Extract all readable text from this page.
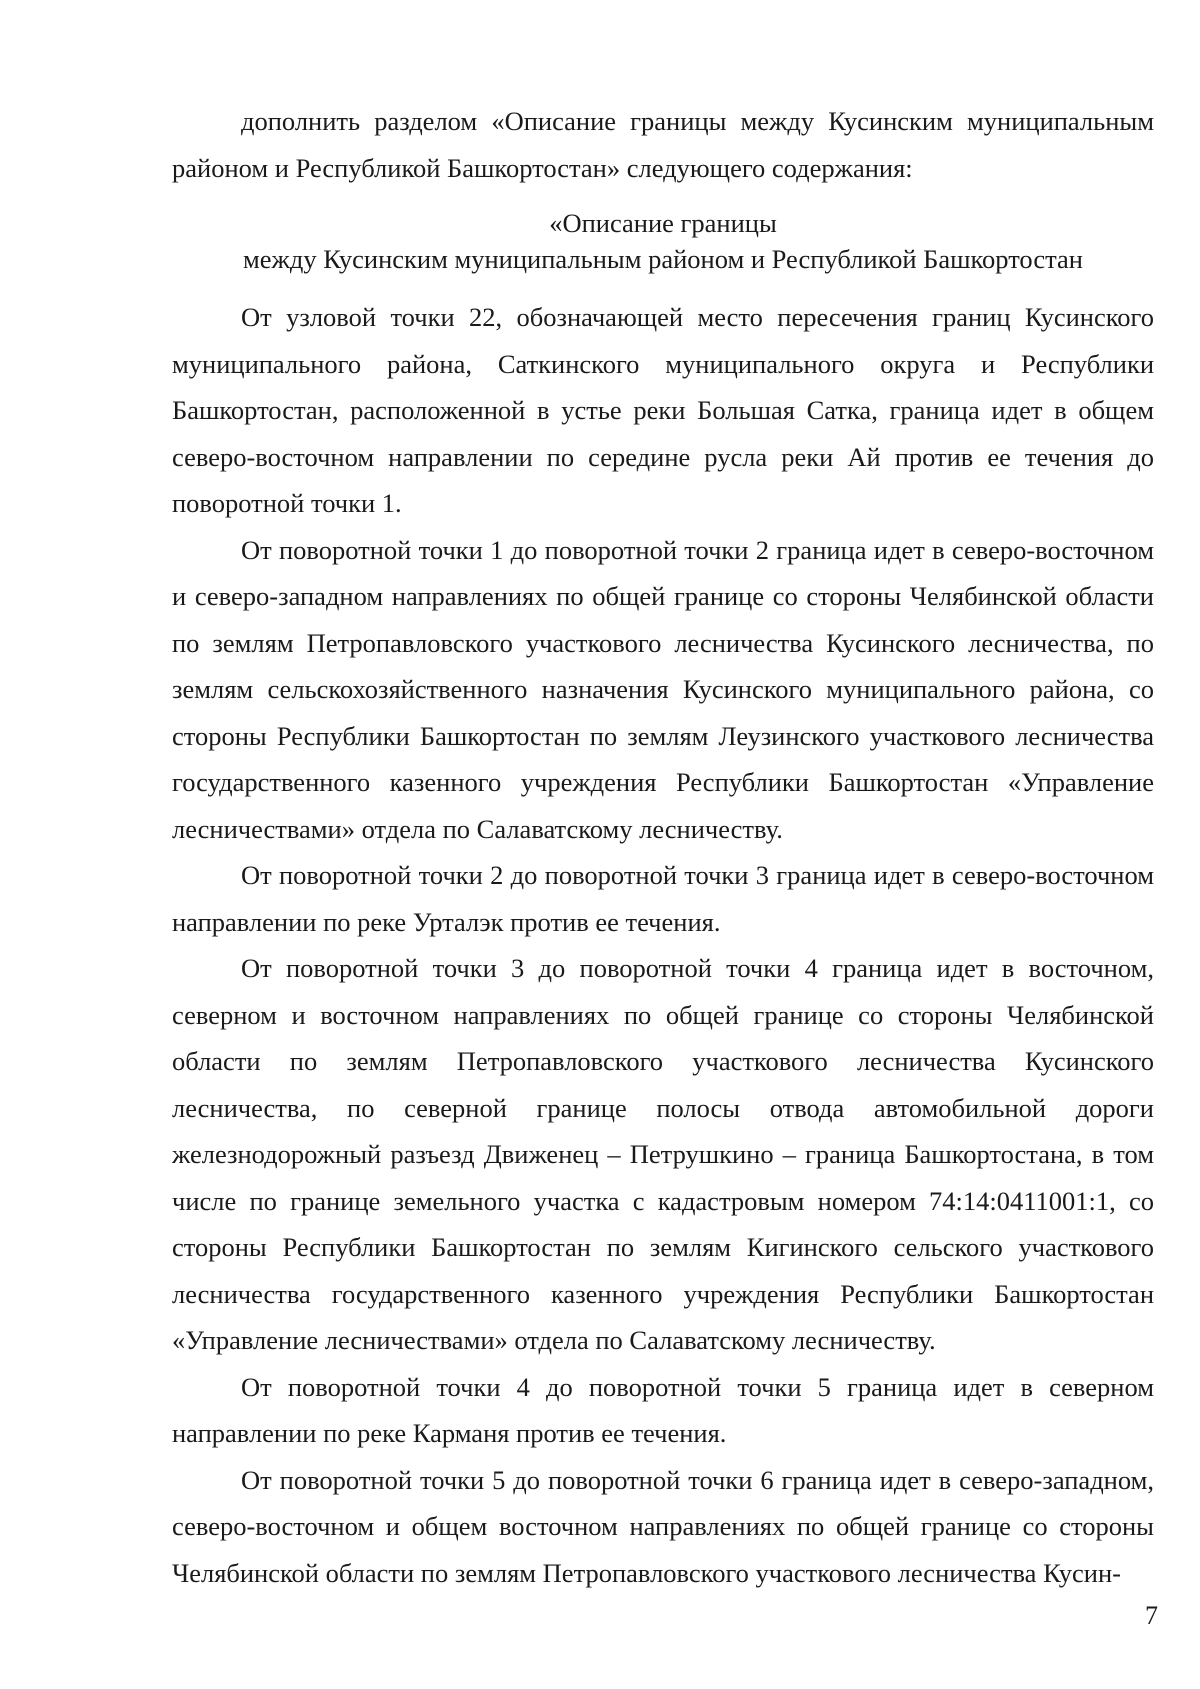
дополнить разделом «Описание границы между Кусинским муниципальным районом и Республикой Башкортостан» следующего содержания:

«Описание границы
между Кусинским муниципальным районом и Республикой Башкортостан

От узловой точки 22, обозначающей место пересечения границ Кусинского муниципального района, Саткинского муниципального округа и Республики Башкортостан, расположенной в устье реки Большая Сатка, граница идет в общем северо-восточном направлении по середине русла реки Ай против ее течения до поворотной точки 1.

От поворотной точки 1 до поворотной точки 2 граница идет в северо-восточном и северо-западном направлениях по общей границе со стороны Челябинской области по землям Петропавловского участкового лесничества Кусинского лесничества, по землям сельскохозяйственного назначения Кусинского муниципального района, со стороны Республики Башкортостан по землям Леузинского участкового лесничества государственного казенного учреждения Республики Башкортостан «Управление лесничествами» отдела по Салаватскому лесничеству.

От поворотной точки 2 до поворотной точки 3 граница идет в северо-восточном направлении по реке Урталэк против ее течения.

От поворотной точки 3 до поворотной точки 4 граница идет в восточном, северном и восточном направлениях по общей границе со стороны Челябинской области по землям Петропавловского участкового лесничества Кусинского лесничества, по северной границе полосы отвода автомобильной дороги железнодорожный разъезд Движенец – Петрушкино – граница Башкортостана, в том числе по границе земельного участка с кадастровым номером 74:14:0411001:1, со стороны Республики Башкортостан по землям Кигинского сельского участкового лесничества государственного казенного учреждения Республики Башкортостан «Управление лесничествами» отдела по Салаватскому лесничеству.

От поворотной точки 4 до поворотной точки 5 граница идет в северном направлении по реке Карманя против ее течения.

От поворотной точки 5 до поворотной точки 6 граница идет в северо-западном, северо-восточном и общем восточном направлениях по общей границе со стороны Челябинской области по землям Петропавловского участкового лесничества Кусин-

7
